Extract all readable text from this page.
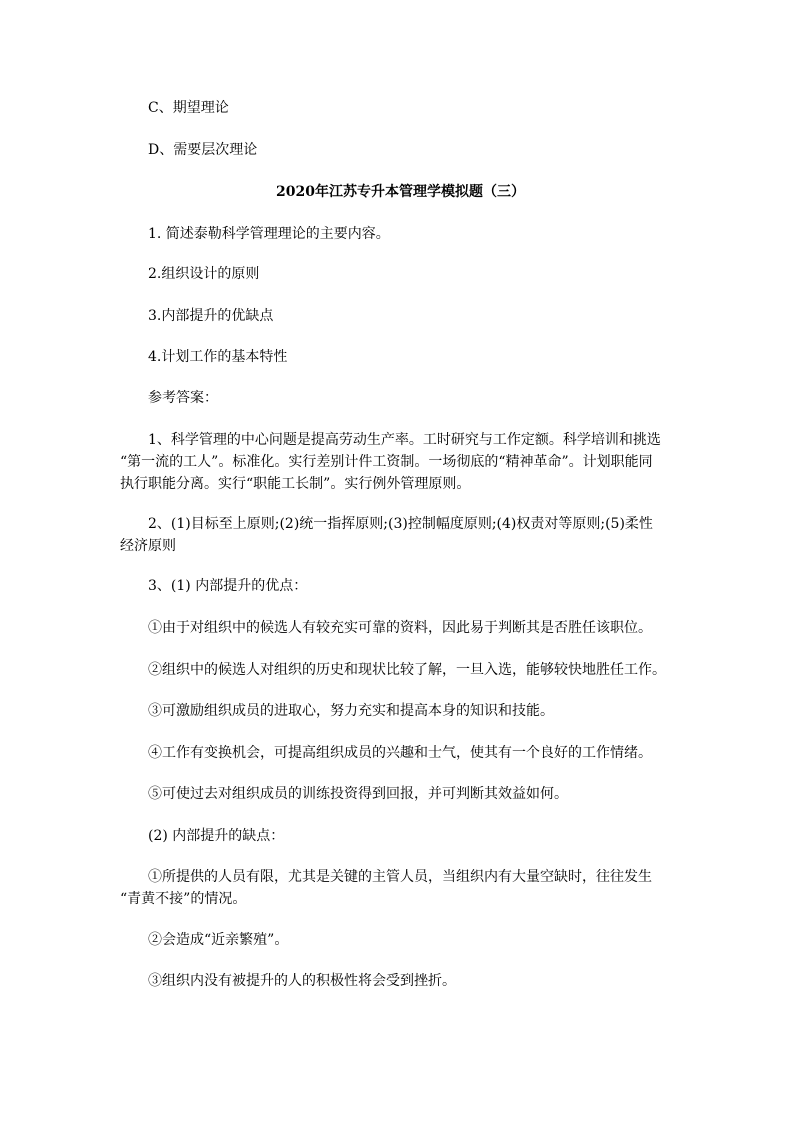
C、期望理论
D、需要层次理论
2020年江苏专升本管理学模拟题（三）
1. 简述泰勒科学管理理论的主要内容。
2.组织设计的原则
3.内部提升的优缺点
4.计划工作的基本特性
参考答案：
1、科学管理的中心问题是提高劳动生产率。工时研究与工作定额。科学培训和挑选
“第一流的工人”。标准化。实行差别计件工资制。一场彻底的“精神革命”。计划职能同
执行职能分离。实行“职能工长制”。实行例外管理原则。
2、(1)目标至上原则;(2)统一指挥原则;(3)控制幅度原则;(4)权责对等原则;(5)柔性
经济原则
3、(1) 内部提升的优点：
①由于对组织中的候选人有较充实可靠的资料，因此易于判断其是否胜任该职位。
②组织中的候选人对组织的历史和现状比较了解，一旦入选，能够较快地胜任工作。
③可激励组织成员的进取心，努力充实和提高本身的知识和技能。
④工作有变换机会，可提高组织成员的兴趣和士气，使其有一个良好的工作情绪。
⑤可使过去对组织成员的训练投资得到回报，并可判断其效益如何。
(2) 内部提升的缺点：
①所提供的人员有限，尤其是关键的主管人员，当组织内有大量空缺时，往往发生
“青黄不接”的情况。
②会造成“近亲繁殖”。
③组织内没有被提升的人的积极性将会受到挫折。
